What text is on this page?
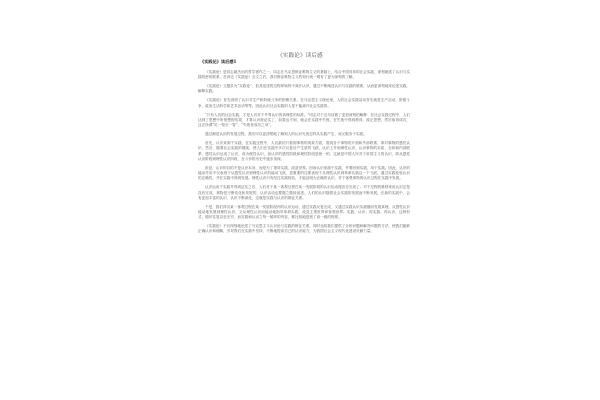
《实践论》读后感
《实践论》读后感1

《实践论》是同志最杰出的哲学著作之一，同志在马克思辩证唯物主义的基础上，结合中国具体的社会实践，深刻阐述了认识与实践的密切联系，在读完《实践论》全文之后，我对辩证唯物主义的知行统一观有了更为深刻的了解。

《实践论》文题虽为“实践论”，但其论述的过程却始终不离开认识，通过不断阐述认识与实践的联系，从而更深刻地来论述实践，解释实践。

《实践论》首先说明了认识对生产和阶级斗争的依赖关系，在马克思主义理论里，人的社会实践活动首先就是生产活动，阶级斗争，政治生活科学和艺术活动等等。因此认识社会实践的人是不能离开社会实践的。

“只有人们的社会实践，才是人们对于外界认识的真理性的标准。”同志对于这句话做了更加深刻的解释：在社会实践过程中，人们达到了思想中所预想的结果，才算认识被证实了，如果达不到，就会在实践中失败，在失败中得到教训，改正思想，然后取得成功，这正所谓“吃一堑长一智”，“失败者成功之母”。

通过阐述认识的发展过程，我们可以更清楚地了解到人的认识究竟怎样从实践产生，而又服务于实践。

首先，认识来源于实践，在实践过程中，人们最初只看到事物的现象方面，看到各个事物的片面和外部联系，即对事物的感性认识，然后，随着社会实践的继续，使人们在实践中多次反复后产生质的飞跃，认识上升到理性认识，认识事物的本质、全体和内部联系，感性认识达成了认识，成为理性认识，前认识的感性阶段和理性阶段是统一的。这就是中国人民对于帝国主义的认识，即从感性认识阶段到理性认识阶段，在斗争的历史中逐步加深。

但是，认识的目的不是认识本身，而是为了指导实践，改造世界。因而认识来源于实践，并要回到实践，用于实践。因此，认识的能动作用不仅表现于从感性认识到理性认识的能动飞跃，更重要的还要表现于从理性认识到革命实践这一个飞跃，通过实践检验认识的正确性，并在实践中得到发展。理性认识只有经过实践检验，才能证明为正确的认识，对于客观事物的认识过程在实践中发展。

认识运用于实践并得到证实之后，人们对于某一客观过程在某一发展阶段的认识运动便宣告完成了。对于过程的推移来说认识还是没有完成，事物是不断变化和发展的，认识活动也要随之继续前进。人们的认识随着社会实践的发展而不断发展，在新的实践中，会有更加丰富的认识，认识不断深化，这就是实践与认识的辩证关系。

于是，我们得出某一客观过程在某一发展阶段内的认识运动，通过实践反复完成，又通过实践认识实践继而发展真理，从感性认识能动地发展到理性认识，又从理性认识而能动地指导革命实践，改造主观世界和客观世界。实践、认识、再实践、再认识，这种形式，循环往复以至无穷，而实践和认识之每一循环的内容，都比较地进到了高一级的程度。

《实践论》不仅深刻地论述了马克思主义认识论与实践的辩证关系，同时也给我们提供了分析问题和解决问题的方法，使我们能够正确认识和理解，引导我们在实践中坚持，不断地提高自己的认识能力，为我国社会主义现代化建设贡献力量。
